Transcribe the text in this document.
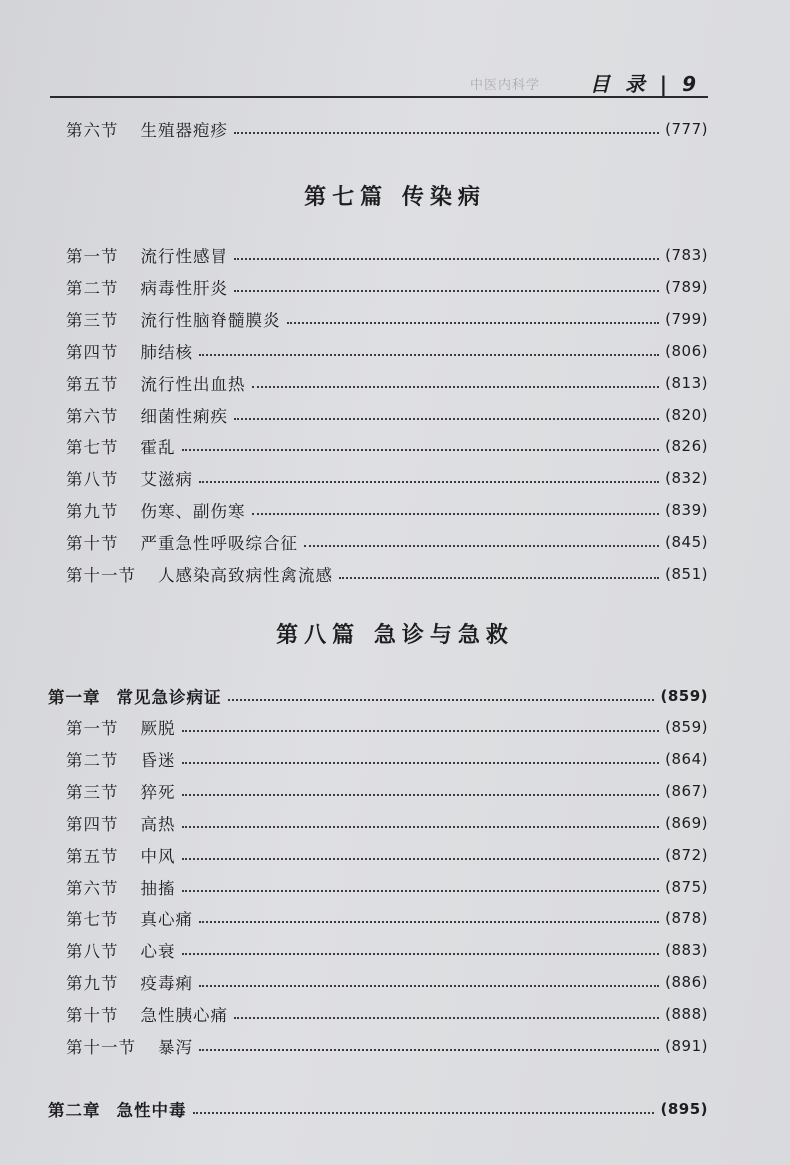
中医内科学 目 录 | 9
第六节 生殖器疱疹	(777)
第七篇 传染病
第一节 流行性感冒	(783)
第二节 病毒性肝炎	(789)
第三节 流行性脑脊髓膜炎	(799)
第四节 肺结核	(806)
第五节 流行性出血热	(813)
第六节 细菌性痢疾	(820)
第七节 霍乱	(826)
第八节 艾滋病	(832)
第九节 伤寒、副伤寒	(839)
第十节 严重急性呼吸综合征	(845)
第十一节 人感染高致病性禽流感	(851)
第八篇 急诊与急救
第一章 常见急诊病证	(859)
第一节 厥脱	(859)
第二节 昏迷	(864)
第三节 猝死	(867)
第四节 高热	(869)
第五节 中风	(872)
第六节 抽搐	(875)
第七节 真心痛	(878)
第八节 心衰	(883)
第九节 疫毒痢	(886)
第十节 急性胰心痛	(888)
第十一节 暴泻	(891)
第二章 急性中毒	(895)
